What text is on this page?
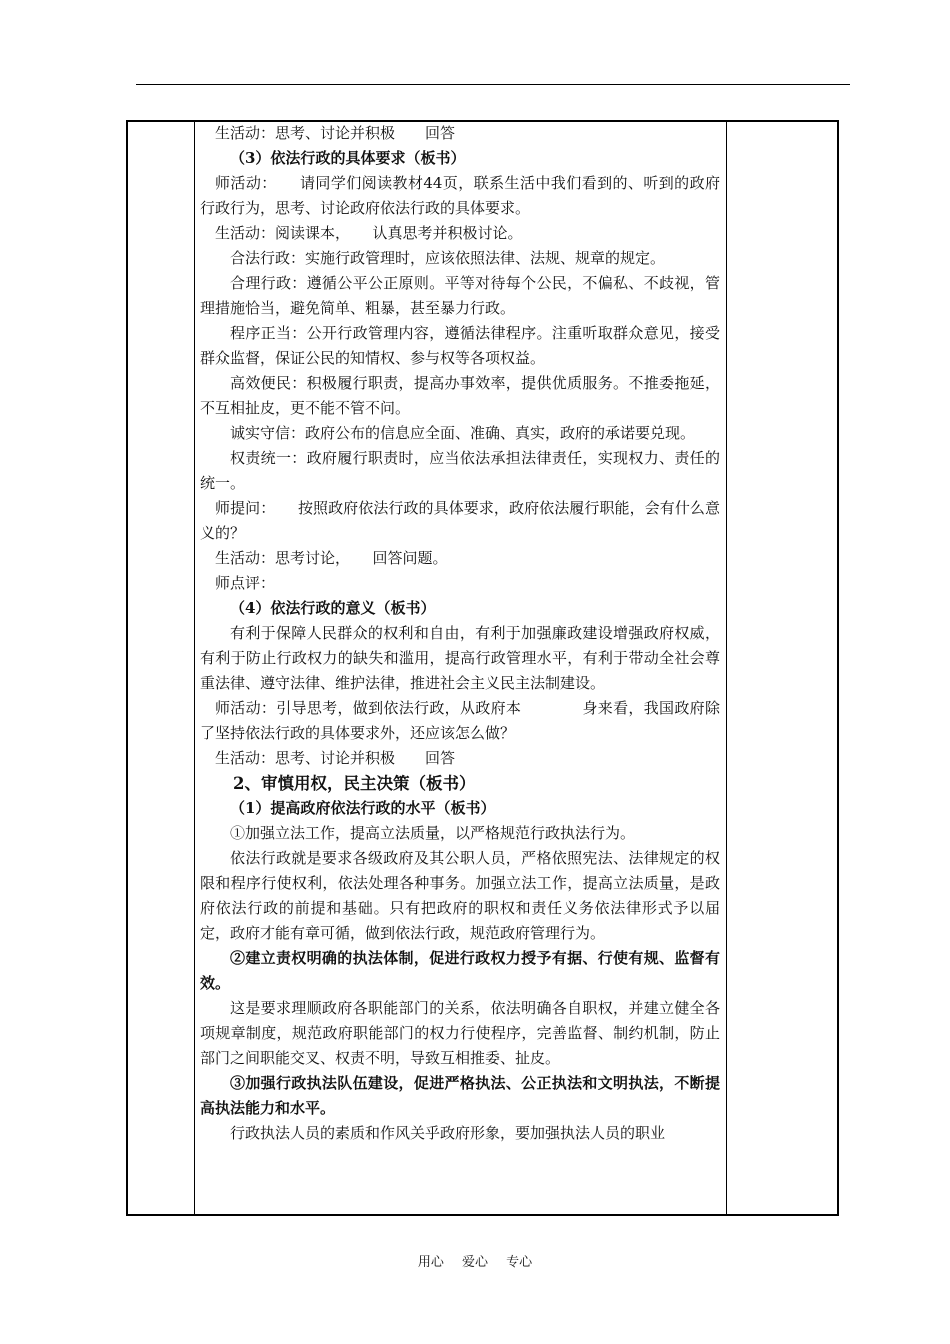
生活动：思考、讨论并积极　　回答

（3）依法行政的具体要求（板书）

师活动：　　请同学们阅读教材44页，联系生活中我们看到的、听到的政府行政行为，思考、讨论政府依法行政的具体要求。

生活动：阅读课本，　　认真思考并积极讨论。

合法行政：实施行政管理时，应该依照法律、法规、规章的规定。

合理行政：遵循公平公正原则。平等对待每个公民，不偏私、不歧视，管理措施恰当，避免简单、粗暴，甚至暴力行政。

程序正当：公开行政管理内容，遵循法律程序。注重听取群众意见，接受群众监督，保证公民的知情权、参与权等各项权益。

高效便民：积极履行职责，提高办事效率，提供优质服务。不推委拖延，不互相扯皮，更不能不管不问。

诚实守信：政府公布的信息应全面、准确、真实，政府的承诺要兑现。

权责统一：政府履行职责时，应当依法承担法律责任，实现权力、责任的统一。

师提问：　　按照政府依法行政的具体要求，政府依法履行职能，会有什么意义的？

生活动：思考讨论，　　回答问题。

师点评：

（4）依法行政的意义（板书）

有利于保障人民群众的权利和自由，有利于加强廉政建设增强政府权威，有利于防止行政权力的缺失和滥用，提高行政管理水平，有利于带动全社会尊重法律、遵守法律、维护法律，推进社会主义民主法制建设。

师活动：引导思考，做到依法行政，从政府本　　　　身来看，我国政府除了坚持依法行政的具体要求外，还应该怎么做？

生活动：思考、讨论并积极　　回答

2、审慎用权，民主决策（板书）

（1）提高政府依法行政的水平（板书）

①加强立法工作，提高立法质量，以严格规范行政执法行为。

依法行政就是要求各级政府及其公职人员，严格依照宪法、法律规定的权限和程序行使权利，依法处理各种事务。加强立法工作，提高立法质量，是政府依法行政的前提和基础。只有把政府的职权和责任义务依法律形式予以届定，政府才能有章可循，做到依法行政，规范政府管理行为。

②建立责权明确的执法体制，促进行政权力授予有据、行使有规、监督有效。

这是要求理顺政府各职能部门的关系，依法明确各自职权，并建立健全各项规章制度，规范政府职能部门的权力行使程序，完善监督、制约机制，防止部门之间职能交叉、权责不明，导致互相推委、扯皮。

③加强行政执法队伍建设，促进严格执法、公正执法和文明执法，不断提高执法能力和水平。

行政执法人员的素质和作风关乎政府形象，要加强执法人员的职业

用心 爱心 专心
